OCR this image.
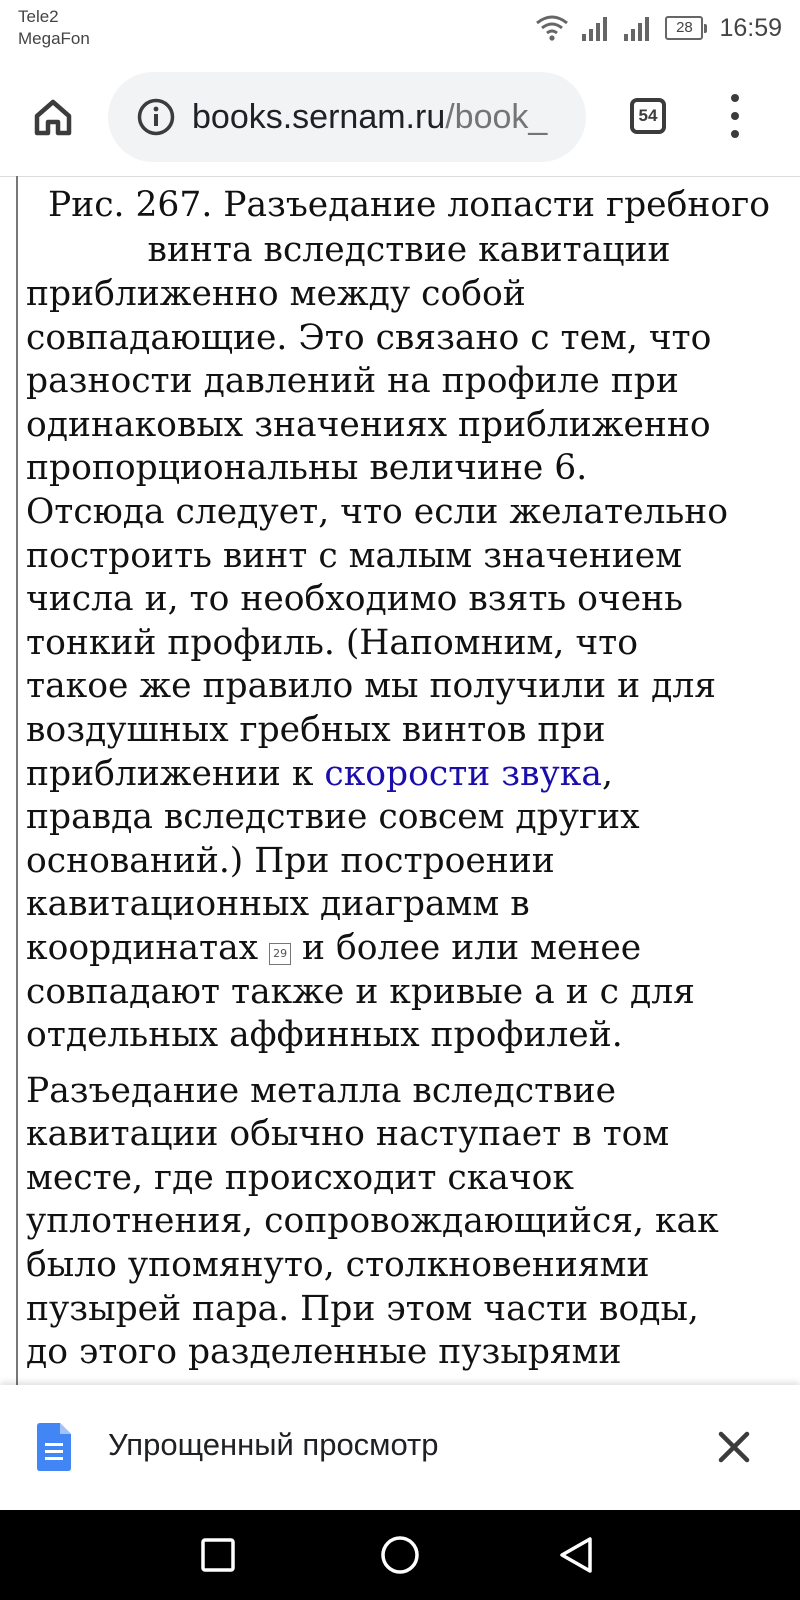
Tele2
MegaFon
28	16:59
books.sernam.ru/book_	54
Рис. 267. Разъедание лопасти гребного
винта вследствие кавитации
приближенно между собой
совпадающие. Это связано с тем, что
разности давлений на профиле при
одинаковых значениях приближенно
пропорциональны величине 6.
Отсюда следует, что если желательно
построить винт с малым значением
числа и, то необходимо взять очень
тонкий профиль. (Напомним, что
такое же правило мы получили и для
воздушных гребных винтов при
приближении к скорости звука,
правда вследствие совсем других
оснований.) При построении
кавитационных диаграмм в
координатах 29 и более или менее
совпадают также и кривые а и с для
отдельных аффинных профилей.
Разъедание металла вследствие
кавитации обычно наступает в том
месте, где происходит скачок
уплотнения, сопровождающийся, как
было упомянуто, столкновениями
пузырей пара. При этом части воды,
до этого разделенные пузырями
Упрощенный просмотр
